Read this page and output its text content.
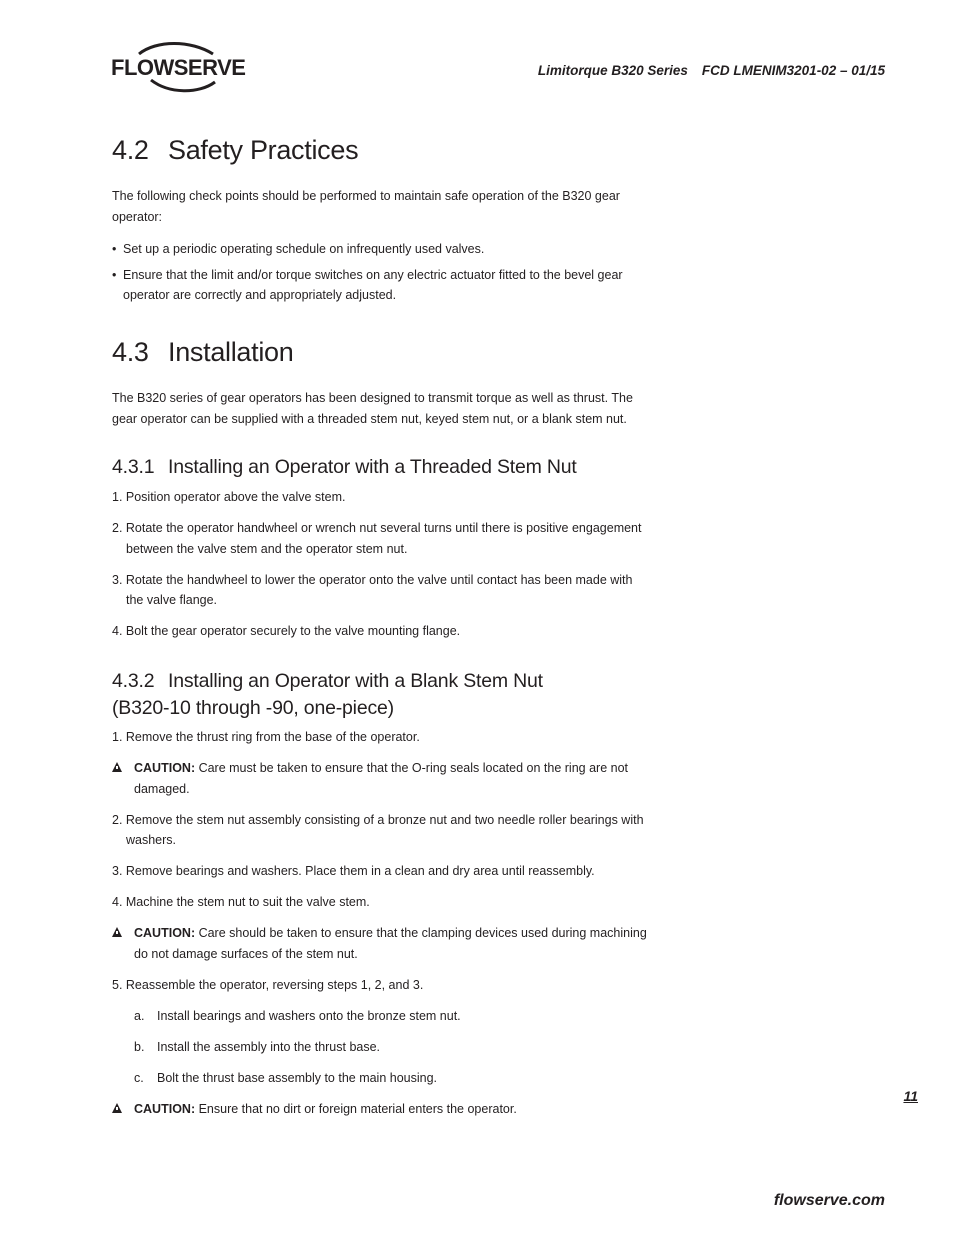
FLOWSERVE	Limitorque B320 Series FCD LMENIM3201-02 – 01/15
4.2 Safety Practices

The following check points should be performed to maintain safe operation of the B320 gear operator:

• Set up a periodic operating schedule on infrequently used valves.
• Ensure that the limit and/or torque switches on any electric actuator fitted to the bevel gear operator are correctly and appropriately adjusted.
4.3 Installation

The B320 series of gear operators has been designed to transmit torque as well as thrust. The gear operator can be supplied with a threaded stem nut, keyed stem nut, or a blank stem nut.

4.3.1 Installing an Operator with a Threaded Stem Nut
1. Position operator above the valve stem.
2. Rotate the operator handwheel or wrench nut several turns until there is positive engagement between the valve stem and the operator stem nut.
3. Rotate the handwheel to lower the operator onto the valve until contact has been made with the valve flange.
4. Bolt the gear operator securely to the valve mounting flange.
4.3.2 Installing an Operator with a Blank Stem Nut
(B320-10 through -90, one-piece)
1. Remove the thrust ring from the base of the operator.
CAUTION: Care must be taken to ensure that the O-ring seals located on the ring are not damaged.
2. Remove the stem nut assembly consisting of a bronze nut and two needle roller bearings with washers.
3. Remove bearings and washers. Place them in a clean and dry area until reassembly.
4. Machine the stem nut to suit the valve stem.
CAUTION: Care should be taken to ensure that the clamping devices used during machining do not damage surfaces of the stem nut.
5. Reassemble the operator, reversing steps 1, 2, and 3.
a. Install bearings and washers onto the bronze stem nut.
b. Install the assembly into the thrust base.
c. Bolt the thrust base assembly to the main housing.
CAUTION: Ensure that no dirt or foreign material enters the operator.
11
flowserve.com
